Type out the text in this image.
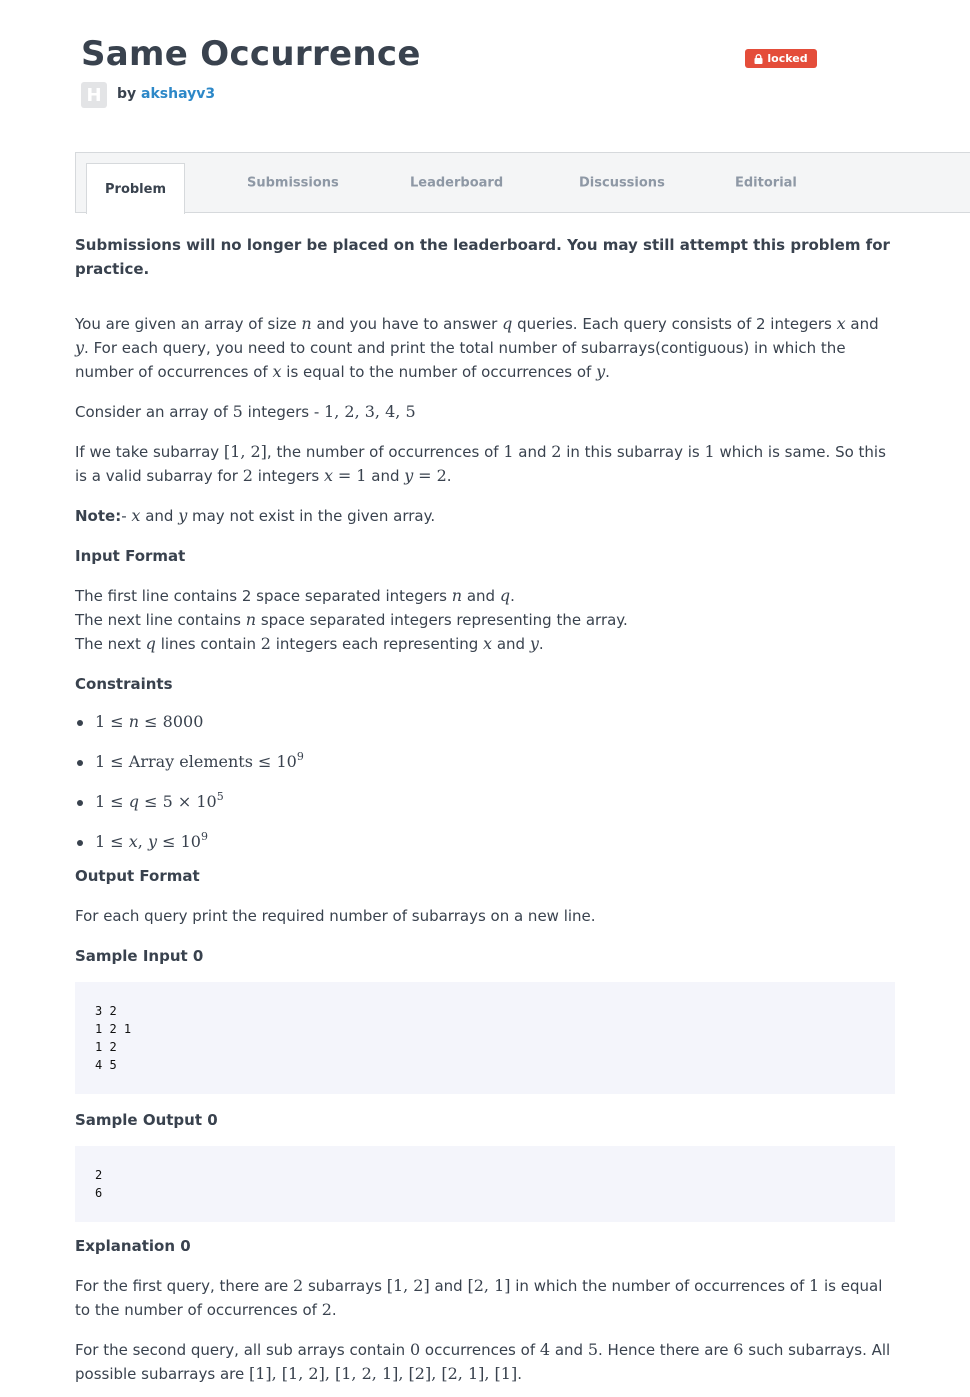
Same Occurrence	locked
H	by akshayv3
Problem	Submissions	Leaderboard	Discussions	Editorial

Submissions will no longer be placed on the leaderboard. You may still attempt this problem for practice.

You are given an array of size n and you have to answer q queries. Each query consists of 2 integers x and y. For each query, you need to count and print the total number of subarrays(contiguous) in which the number of occurrences of x is equal to the number of occurrences of y.

Consider an array of 5 integers - 1, 2, 3, 4, 5

If we take subarray [1, 2], the number of occurrences of 1 and 2 in this subarray is 1 which is same. So this is a valid subarray for 2 integers x = 1 and y = 2.

Note:- x and y may not exist in the given array.

Input Format

The first line contains 2 space separated integers n and q.
The next line contains n space separated integers representing the array.
The next q lines contain 2 integers each representing x and y.

Constraints

1 ≤ n ≤ 8000
1 ≤ Array elements ≤ $10^9$
$1 \le q \le 5 \times 10^5$
1 ≤ x, $y \le 10^9$

Output Format

For each query print the required number of subarrays on a new line.

Sample Input 0

3 2
1 2 1
1 2
4 5

Sample Output 0

2
6

Explanation 0

For the first query, there are 2 subarrays [1, 2] and [2, 1] in which the number of occurrences of 1 is equal to the number of occurrences of 2.

For the second query, all sub arrays contain 0 occurrences of 4 and 5. Hence there are 6 such subarrays. All possible subarrays are [1], [1, 2], [1, 2, 1], [2], [2, 1], [1].
